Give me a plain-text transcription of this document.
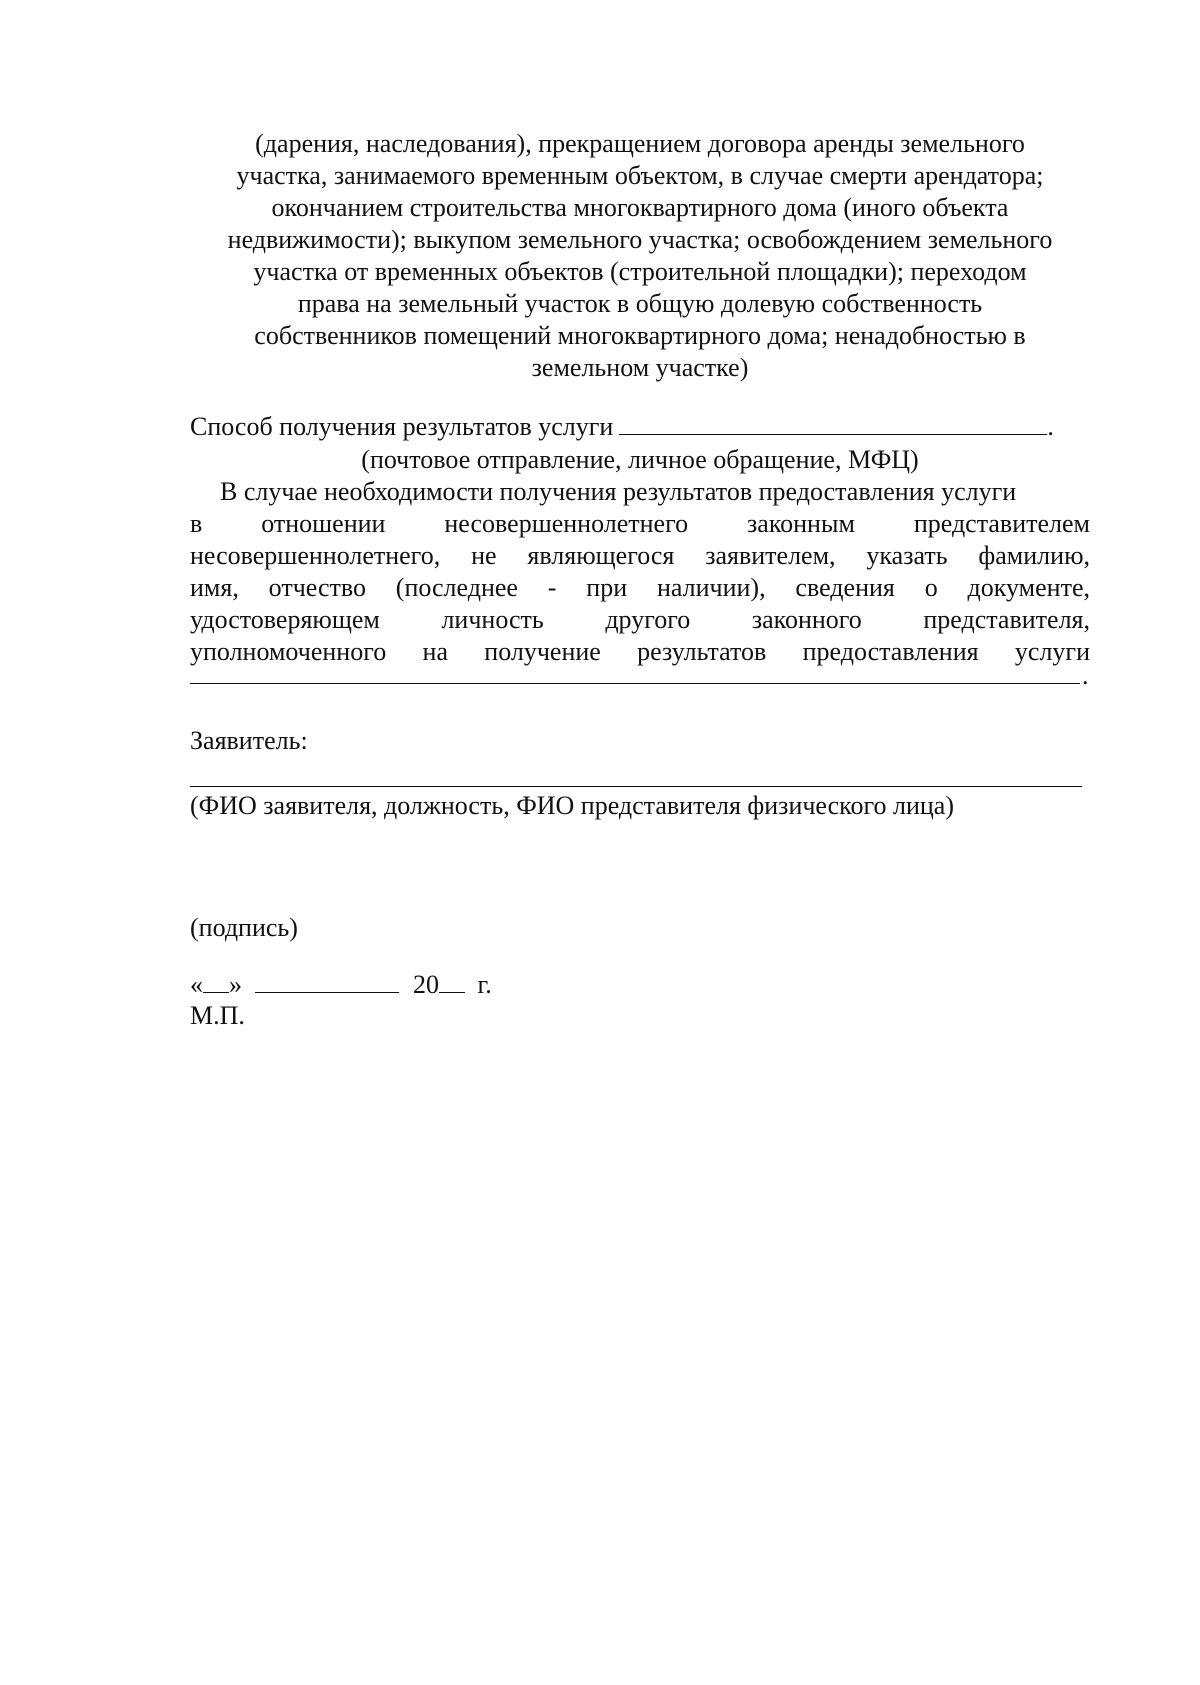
(дарения, наследования), прекращением договора аренды земельного
участка, занимаемого временным объектом, в случае смерти арендатора;
окончанием строительства многоквартирного дома (иного объекта
недвижимости); выкупом земельного участка; освобождением земельного
участка от временных объектов (строительной площадки); переходом
права на земельный участок в общую долевую собственность
собственников помещений многоквартирного дома; ненадобностью в
земельном участке)
Способ получения результатов услуги	.
(почтовое отправление, личное обращение, МФЦ)
В случае необходимости получения результатов предоставления услуги
в отношении несовершеннолетнего законным представителем
несовершеннолетнего, не являющегося заявителем, указать фамилию,
имя, отчество (последнее - при наличии), сведения о документе,
удостоверяющем личность другого законного представителя,
уполномоченного на получение результатов предоставления услуги
.
Заявитель:
(ФИО заявителя, должность, ФИО представителя физического лица)
(подпись)
« »	20 г.
М.П.
